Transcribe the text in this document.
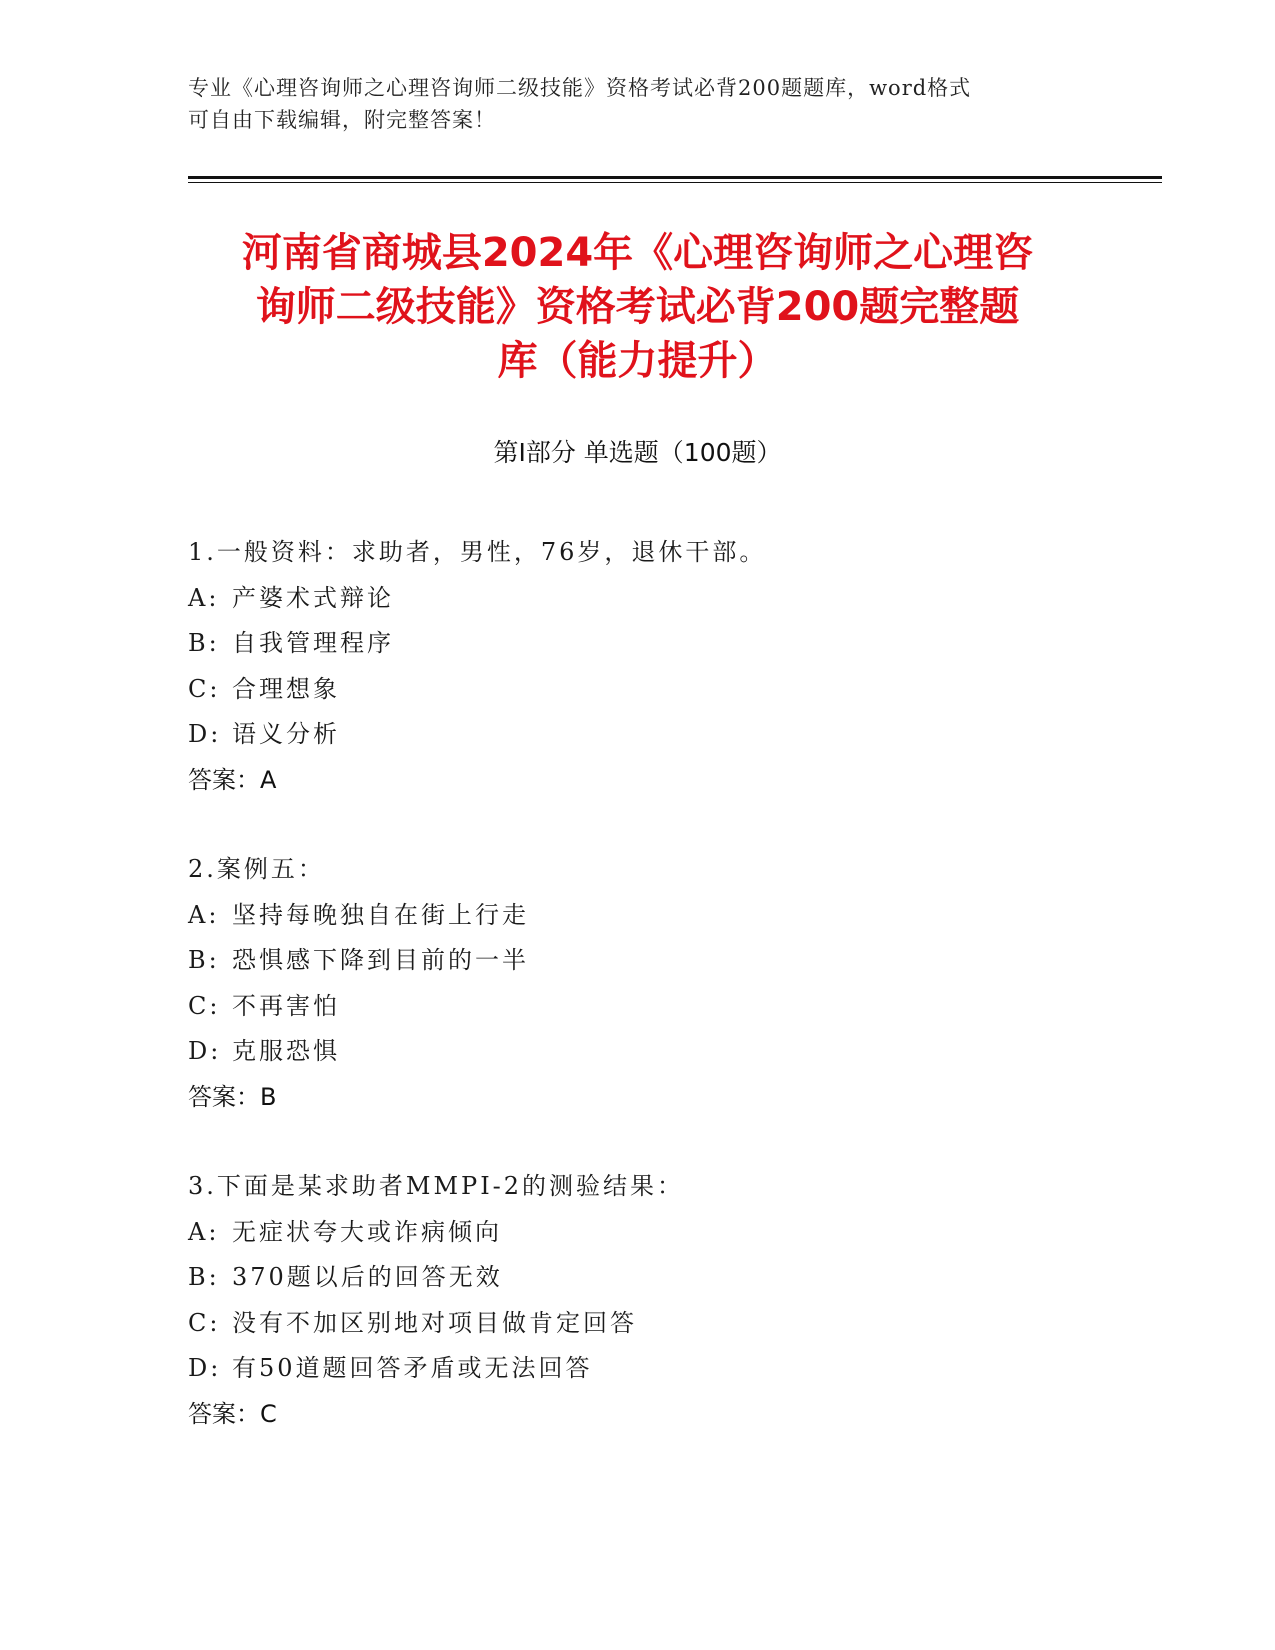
专业《心理咨询师之心理咨询师二级技能》资格考试必背200题题库，word格式
可自由下载编辑，附完整答案！
河南省商城县2024年《心理咨询师之心理咨
询师二级技能》资格考试必背200题完整题
库（能力提升）
第Ⅰ部分 单选题（100题）
1.一般资料：求助者，男性，76岁，退休干部。
A: 产婆术式辩论
B: 自我管理程序
C: 合理想象
D: 语义分析
答案：A
2.案例五：
A: 坚持每晚独自在街上行走
B: 恐惧感下降到目前的一半
C: 不再害怕
D: 克服恐惧
答案：B
3.下面是某求助者MMPI-2的测验结果：
A: 无症状夸大或诈病倾向
B: 370题以后的回答无效
C: 没有不加区别地对项目做肯定回答
D: 有50道题回答矛盾或无法回答
答案：C
